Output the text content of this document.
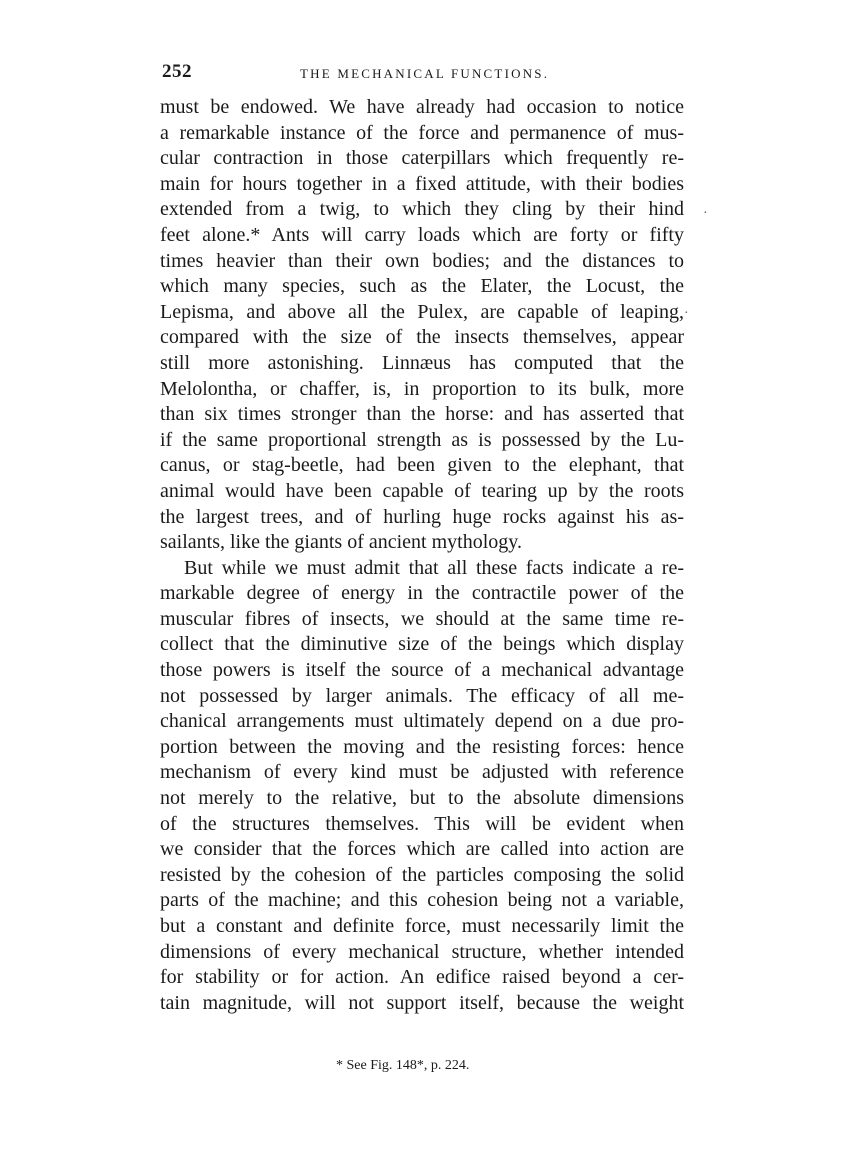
252	THE MECHANICAL FUNCTIONS.
must be endowed. We have already had occasion to notice
a remarkable instance of the force and permanence of mus-
cular contraction in those caterpillars which frequently re-
main for hours together in a fixed attitude, with their bodies
extended from a twig, to which they cling by their hind
feet alone.* Ants will carry loads which are forty or fifty
times heavier than their own bodies; and the distances to
which many species, such as the Elater, the Locust, the
Lepisma, and above all the Pulex, are capable of leaping,
compared with the size of the insects themselves, appear
still more astonishing. Linnæus has computed that the
Melolontha, or chaffer, is, in proportion to its bulk, more
than six times stronger than the horse: and has asserted that
if the same proportional strength as is possessed by the Lu-
canus, or stag-beetle, had been given to the elephant, that
animal would have been capable of tearing up by the roots
the largest trees, and of hurling huge rocks against his as-
sailants, like the giants of ancient mythology.
But while we must admit that all these facts indicate a re-
markable degree of energy in the contractile power of the
muscular fibres of insects, we should at the same time re-
collect that the diminutive size of the beings which display
those powers is itself the source of a mechanical advantage
not possessed by larger animals. The efficacy of all me-
chanical arrangements must ultimately depend on a due pro-
portion between the moving and the resisting forces: hence
mechanism of every kind must be adjusted with reference
not merely to the relative, but to the absolute dimensions
of the structures themselves. This will be evident when
we consider that the forces which are called into action are
resisted by the cohesion of the particles composing the solid
parts of the machine; and this cohesion being not a variable,
but a constant and definite force, must necessarily limit the
dimensions of every mechanical structure, whether intended
for stability or for action. An edifice raised beyond a cer-
tain magnitude, will not support itself, because the weight
* See Fig. 148*, p. 224.
·
·
